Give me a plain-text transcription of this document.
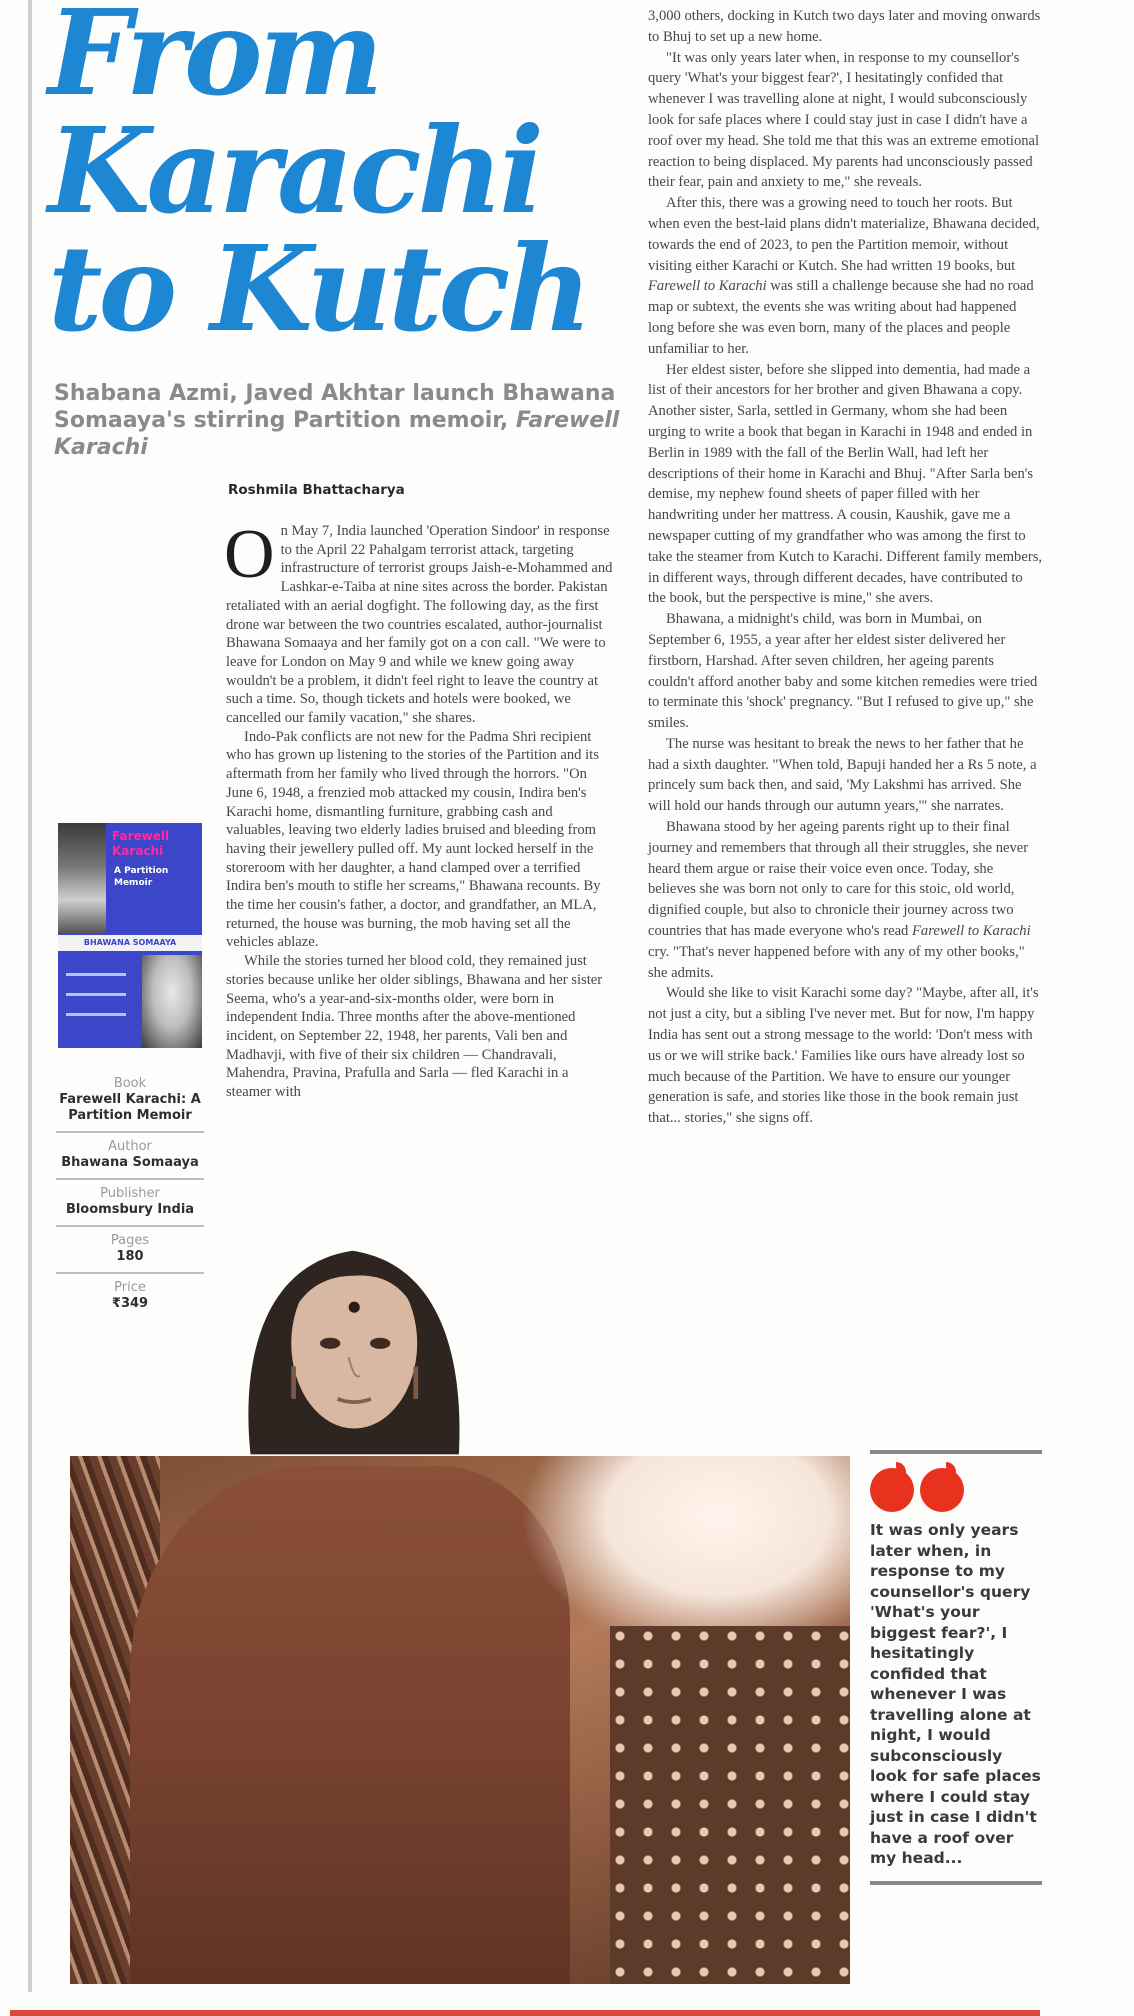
From
Karachi
to Kutch

Shabana Azmi, Javed Akhtar launch Bhawana Somaaya's stirring Partition memoir, Farewell Karachi

Roshmila Bhattacharya

On May 7, India launched 'Operation Sindoor' in response to the April 22 Pahalgam terrorist attack, targeting infrastructure of terrorist groups Jaish-e-Mohammed and Lashkar-e-Taiba at nine sites across the border. Pakistan retaliated with an aerial dogfight. The following day, as the first drone war between the two countries escalated, author-journalist Bhawana Somaaya and her family got on a con call. "We were to leave for London on May 9 and while we knew going away wouldn't be a problem, it didn't feel right to leave the country at such a time. So, though tickets and hotels were booked, we cancelled our family vacation," she shares.

Indo-Pak conflicts are not new for the Padma Shri recipient who has grown up listening to the stories of the Partition and its aftermath from her family who lived through the horrors. "On June 6, 1948, a frenzied mob attacked my cousin, Indira ben's Karachi home, dismantling furniture, grabbing cash and valuables, leaving two elderly ladies bruised and bleeding from having their jewellery pulled off. My aunt locked herself in the storeroom with her daughter, a hand clamped over a terrified Indira ben's mouth to stifle her screams," Bhawana recounts. By the time her cousin's father, a doctor, and grandfather, an MLA, returned, the house was burning, the mob having set all the vehicles ablaze.

While the stories turned her blood cold, they remained just stories because unlike her older siblings, Bhawana and her sister Seema, who's a year-and-six-months older, were born in independent India. Three months after the above-mentioned incident, on September 22, 1948, her parents, Vali ben and Madhavji, with five of their six children — Chandravali, Mahendra, Pravina, Prafulla and Sarla — fled Karachi in a steamer with

3,000 others, docking in Kutch two days later and moving onwards to Bhuj to set up a new home.

"It was only years later when, in response to my counsellor's query 'What's your biggest fear?', I hesitatingly confided that whenever I was travelling alone at night, I would subconsciously look for safe places where I could stay just in case I didn't have a roof over my head. She told me that this was an extreme emotional reaction to being displaced. My parents had unconsciously passed their fear, pain and anxiety to me," she reveals.

After this, there was a growing need to touch her roots. But when even the best-laid plans didn't materialize, Bhawana decided, towards the end of 2023, to pen the Partition memoir, without visiting either Karachi or Kutch. She had written 19 books, but Farewell to Karachi was still a challenge because she had no road map or subtext, the events she was writing about had happened long before she was even born, many of the places and people unfamiliar to her.

Her eldest sister, before she slipped into dementia, had made a list of their ancestors for her brother and given Bhawana a copy. Another sister, Sarla, settled in Germany, whom she had been urging to write a book that began in Karachi in 1948 and ended in Berlin in 1989 with the fall of the Berlin Wall, had left her descriptions of their home in Karachi and Bhuj. "After Sarla ben's demise, my nephew found sheets of paper filled with her handwriting under her mattress. A cousin, Kaushik, gave me a newspaper cutting of my grandfather who was among the first to take the steamer from Kutch to Karachi. Different family members, in different ways, through different decades, have contributed to the book, but the perspective is mine," she avers.

Bhawana, a midnight's child, was born in Mumbai, on September 6, 1955, a year after her eldest sister delivered her firstborn, Harshad. After seven children, her ageing parents couldn't afford another baby and some kitchen remedies were tried to terminate this 'shock' pregnancy. "But I refused to give up," she smiles.

The nurse was hesitant to break the news to her father that he had a sixth daughter. "When told, Bapuji handed her a Rs 5 note, a princely sum back then, and said, 'My Lakshmi has arrived. She will hold our hands through our autumn years,'" she narrates.

Bhawana stood by her ageing parents right up to their final journey and remembers that through all their struggles, she never heard them argue or raise their voice even once. Today, she believes she was born not only to care for this stoic, old world, dignified couple, but also to chronicle their journey across two countries that has made everyone who's read Farewell to Karachi cry. "That's never happened before with any of my other books," she admits.

Would she like to visit Karachi some day? "Maybe, after all, it's not just a city, but a sibling I've never met. But for now, I'm happy India has sent out a strong message to the world: 'Don't mess with us or we will strike back.' Families like ours have already lost so much because of the Partition. We have to ensure our younger generation is safe, and stories like those in the book remain just that... stories," she signs off.

Farewell Karachi
A Partition Memoir
BHAWANA SOMAAYA
Book
Farewell Karachi: A Partition Memoir
Author
Bhawana Somaaya
Publisher
Bloomsbury India
Pages
180
Price
₹349
It was only years later when, in response to my counsellor's query 'What's your biggest fear?', I hesitatingly confided that whenever I was travelling alone at night, I would subconsciously look for safe places where I could stay just in case I didn't have a roof over my head...
